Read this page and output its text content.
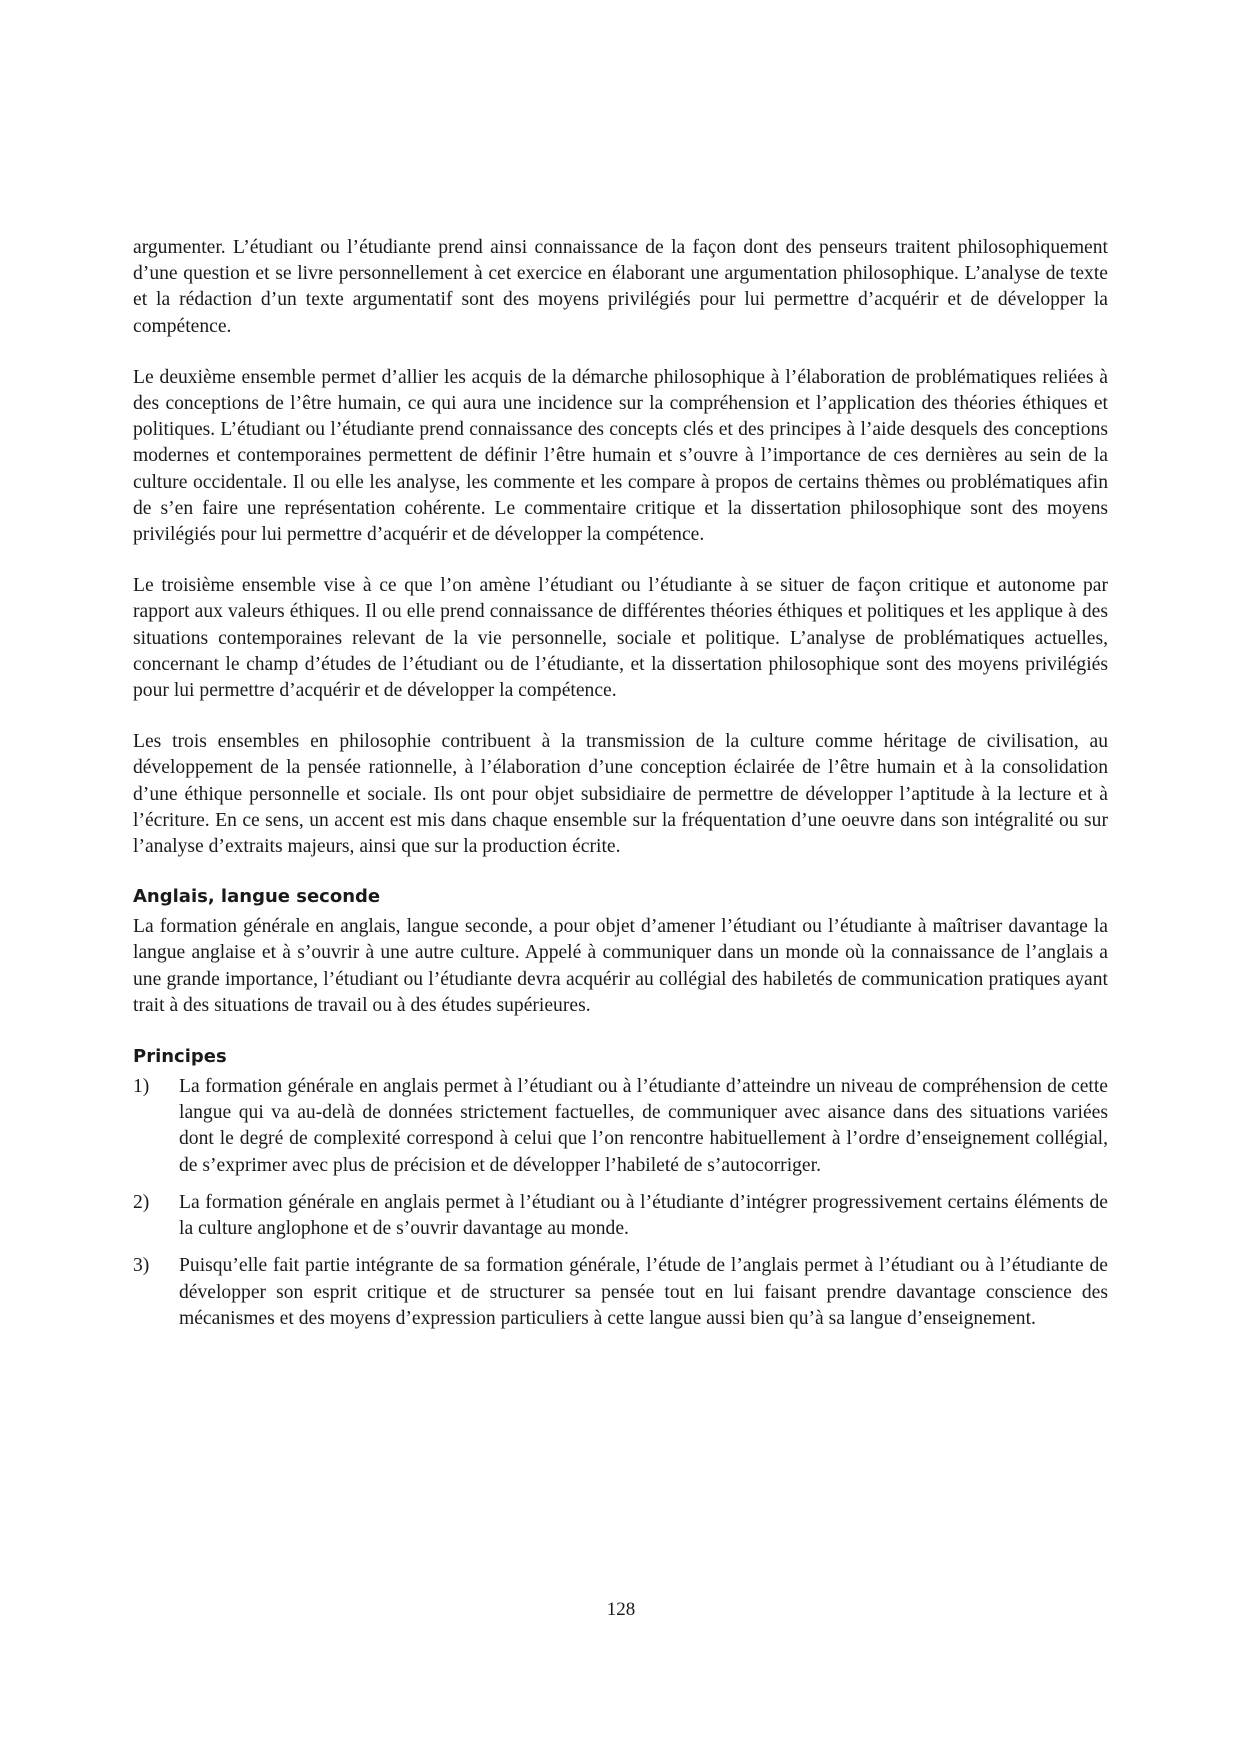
argumenter. L’étudiant ou l’étudiante prend ainsi connaissance de la façon dont des penseurs traitent philosophiquement d’une question et se livre personnellement à cet exercice en élaborant une argumentation philosophique. L’analyse de texte et la rédaction d’un texte argumentatif sont des moyens privilégiés pour lui permettre d’acquérir et de développer la compétence.

Le deuxième ensemble permet d’allier les acquis de la démarche philosophique à l’élaboration de problématiques reliées à des conceptions de l’être humain, ce qui aura une incidence sur la compréhension et l’application des théories éthiques et politiques. L’étudiant ou l’étudiante prend connaissance des concepts clés et des principes à l’aide desquels des conceptions modernes et contemporaines permettent de définir l’être humain et s’ouvre à l’importance de ces dernières au sein de la culture occidentale. Il ou elle les analyse, les commente et les compare à propos de certains thèmes ou problématiques afin de s’en faire une représentation cohérente. Le commentaire critique et la dissertation philosophique sont des moyens privilégiés pour lui permettre d’acquérir et de développer la compétence.

Le troisième ensemble vise à ce que l’on amène l’étudiant ou l’étudiante à se situer de façon critique et autonome par rapport aux valeurs éthiques. Il ou elle prend connaissance de différentes théories éthiques et politiques et les applique à des situations contemporaines relevant de la vie personnelle, sociale et politique. L’analyse de problématiques actuelles, concernant le champ d’études de l’étudiant ou de l’étudiante, et la dissertation philosophique sont des moyens privilégiés pour lui permettre d’acquérir et de développer la compétence.

Les trois ensembles en philosophie contribuent à la transmission de la culture comme héritage de civilisation, au développement de la pensée rationnelle, à l’élaboration d’une conception éclairée de l’être humain et à la consolidation d’une éthique personnelle et sociale. Ils ont pour objet subsidiaire de permettre de développer l’aptitude à la lecture et à l’écriture. En ce sens, un accent est mis dans chaque ensemble sur la fréquentation d’une oeuvre dans son intégralité ou sur l’analyse d’extraits majeurs, ainsi que sur la production écrite.

Anglais, langue seconde

La formation générale en anglais, langue seconde, a pour objet d’amener l’étudiant ou l’étudiante à maîtriser davantage la langue anglaise et à s’ouvrir à une autre culture. Appelé à communiquer dans un monde où la connaissance de l’anglais a une grande importance, l’étudiant ou l’étudiante devra acquérir au collégial des habiletés de communication pratiques ayant trait à des situations de travail ou à des études supérieures.

Principes
1)	La formation générale en anglais permet à l’étudiant ou à l’étudiante d’atteindre un niveau de compréhension de cette langue qui va au-delà de données strictement factuelles, de communiquer avec aisance dans des situations variées dont le degré de complexité correspond à celui que l’on rencontre habituellement à l’ordre d’enseignement collégial, de s’exprimer avec plus de précision et de développer l’habileté de s’autocorriger.
2)	La formation générale en anglais permet à l’étudiant ou à l’étudiante d’intégrer progressivement certains éléments de la culture anglophone et de s’ouvrir davantage au monde.
3)	Puisqu’elle fait partie intégrante de sa formation générale, l’étude de l’anglais permet à l’étudiant ou à l’étudiante de développer son esprit critique et de structurer sa pensée tout en lui faisant prendre davantage conscience des mécanismes et des moyens d’expression particuliers à cette langue aussi bien qu’à sa langue d’enseignement.
128
